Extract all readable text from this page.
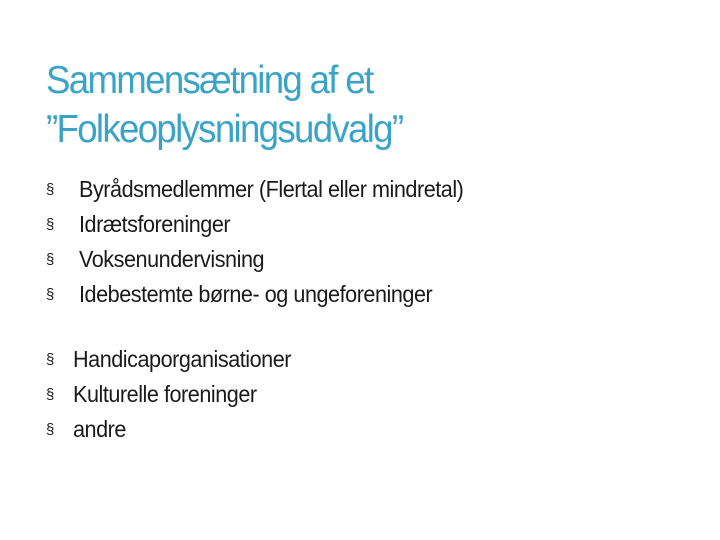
Sammensætning af et
”Folkeoplysningsudvalg”
§ Byrådsmedlemmer (Flertal eller mindretal)
§ Idrætsforeninger
§ Voksenundervisning
§ Idebestemte børne- og ungeforeninger
§ Handicaporganisationer
§ Kulturelle foreninger
§ andre
